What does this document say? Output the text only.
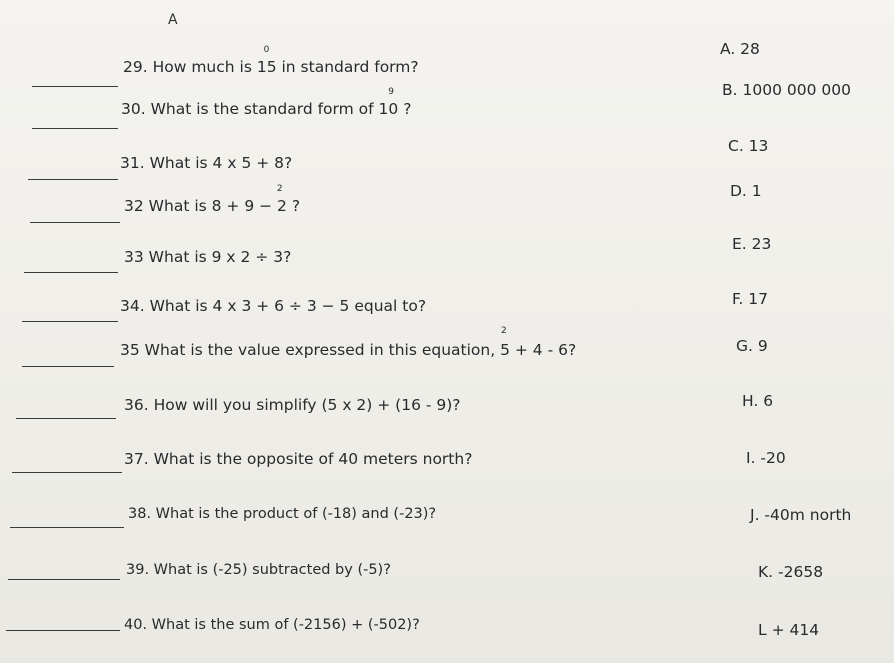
A
29. How much is 150 in standard form?
30. What is the standard form of 109 ?
31. What is 4 x 5 + 8?
32 What is 8 + 9 − 22 ?
33 What is 9 x 2 ÷ 3?
34. What is 4 x 3 + 6 ÷ 3 − 5 equal to?
35 What is the value expressed in this equation, 52 + 4 - 6?
36. How will you simplify (5 x 2) + (16 - 9)?
37. What is the opposite of 40 meters north?
38. What is the product of (-18) and (-23)?
39. What is (-25) subtracted by (-5)?
40. What is the sum of (-2156) + (-502)?
A. 28
B. 1000 000 000
C. 13
D. 1
E. 23
F. 17
G. 9
H. 6
I. -20
J. -40m north
K. -2658
L + 414
